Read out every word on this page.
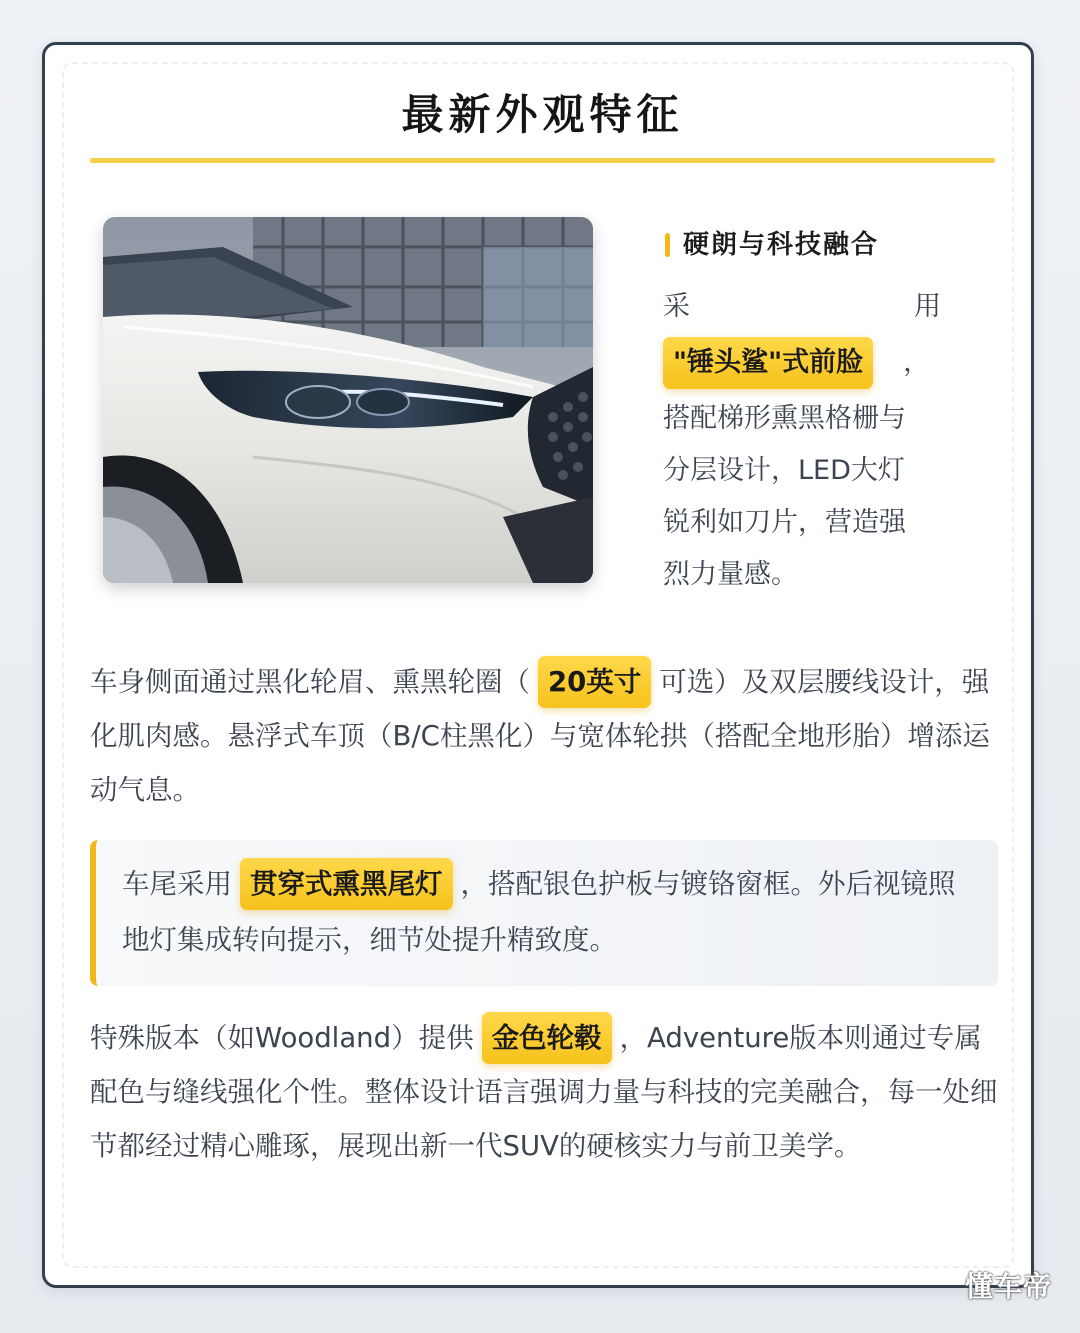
最新外观特征
硬朗与科技融合
采	用
"锤头鲨"式前脸	，
搭配梯形熏黑格栅与
分层设计，LED大灯
锐利如刀片，营造强
烈力量感。

车身侧面通过黑化轮眉、熏黑轮圈（ 20英寸 可选）及双层腰线设计，强化肌肉感。悬浮式车顶（B/C柱黑化）与宽体轮拱（搭配全地形胎）增添运动气息。

车尾采用 贯穿式熏黑尾灯 ，搭配银色护板与镀铬窗框。外后视镜照地灯集成转向提示，细节处提升精致度。

特殊版本（如Woodland）提供 金色轮毂 ，Adventure版本则通过专属配色与缝线强化个性。整体设计语言强调力量与科技的完美融合，每一处细节都经过精心雕琢，展现出新一代SUV的硬核实力与前卫美学。

懂车帝
